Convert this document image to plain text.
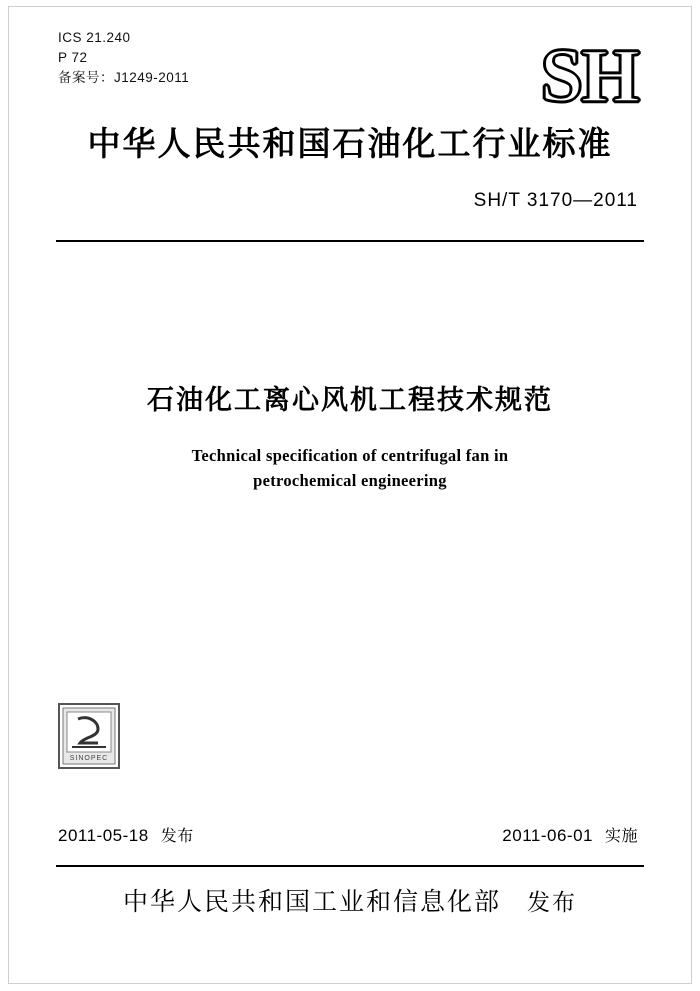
ICS 21.240
P 72
备案号：J1249-2011	SH
中华人民共和国石油化工行业标准
SH/T 3170—2011
石油化工离心风机工程技术规范
Technical specification of centrifugal fan in
petrochemical engineering
SINOPEC
2011-05-18 发布	2011-06-01 实施
中华人民共和国工业和信息化部 发布
